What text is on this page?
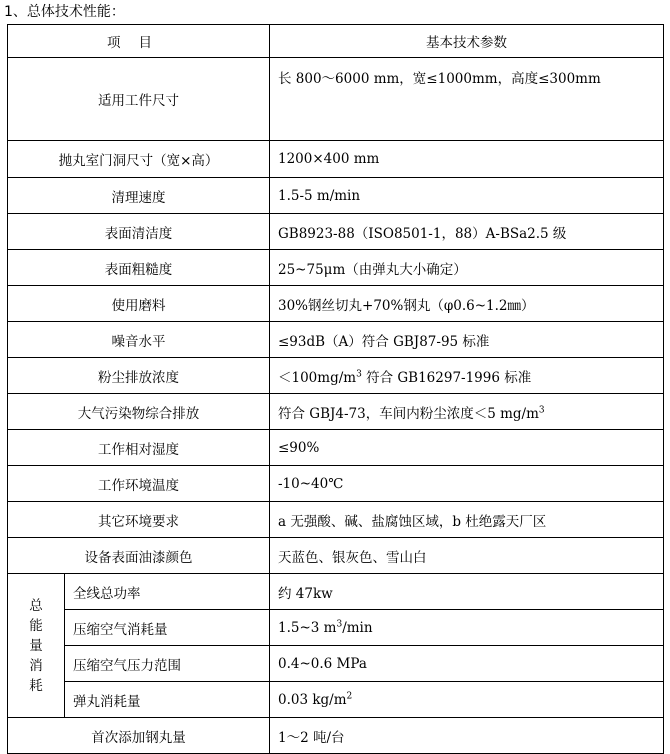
1、总体技术性能：
项目		基本技术参数
适用工件尺寸		长 800～6000 mm，宽≤1000mm，高度≤300mm
抛丸室门洞尺寸（宽×高）		1200×400 mm
清理速度		1.5-5 m/min
表面清洁度		GB8923-88（ISO8501-1，88）A-BSa2.5 级
表面粗糙度		25~75μm（由弹丸大小确定）
使用磨料		30%钢丝切丸+70%钢丸（φ0.6~1.2㎜）
噪音水平		≤93dB（A）符合 GBJ87-95 标准
粉尘排放浓度		$<100mg/m^3$ 符合 GB16297-1996 标准
大气污染物综合排放		符合 GBJ4-73，车间内粉尘浓度＜5 $mg/m^3$
工作相对湿度		≤90%
工作环境温度		-10~40℃
其它环境要求		a 无强酸、碱、盐腐蚀区域，b 杜绝露天厂区
设备表面油漆颜色		天蓝色、银灰色、雪山白

总
能
量
消
耗	全线总功率	约 47kw
	压缩空气消耗量	1.5~3 $m^3/\min$
	压缩空气压力范围	0.4~0.6 MPa
	弹丸消耗量	0.03 $kg/m^2$
首次添加钢丸量		1～2 吨/台
